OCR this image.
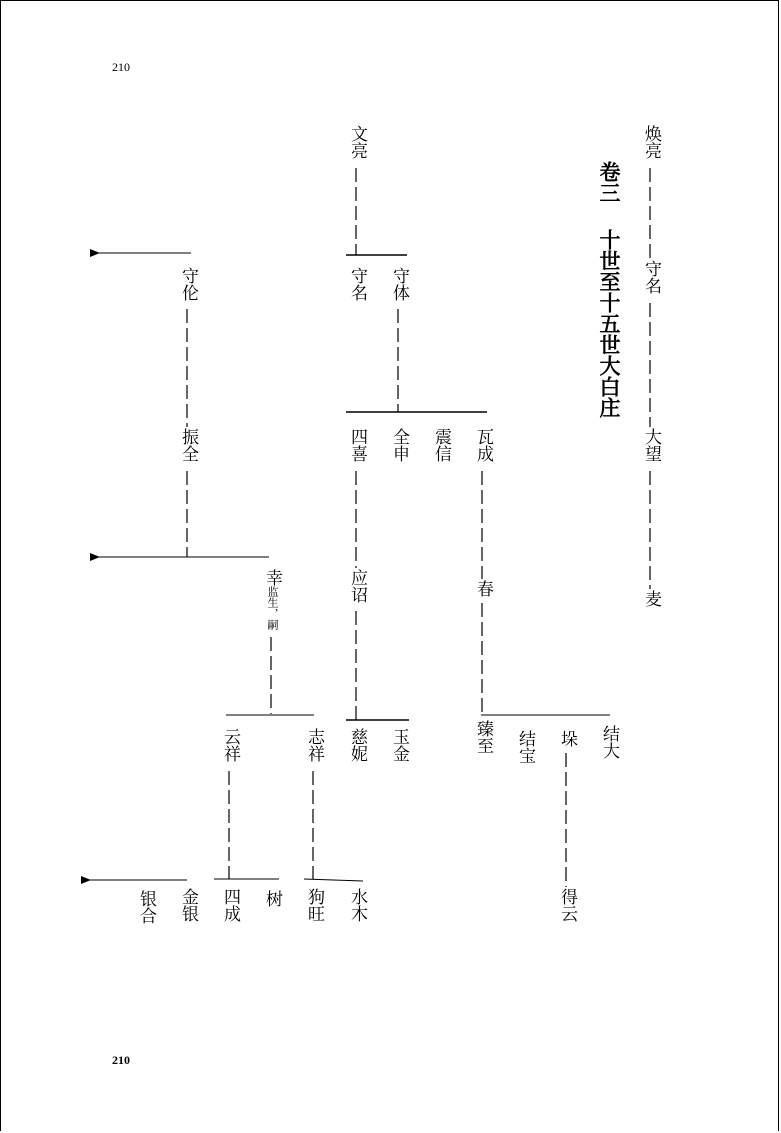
210
210
卷三
十世至十五世大白庄
焕亮
守名
大望
麦
文亮
守名 守体
守伦
振全
幸监生，嗣
四喜 全申 震信 瓦成
应诏	春
云祥	志祥 慈妮 玉金	臻至 结宝 垛 结大
银合 金银 四成 树 狗旺 水木	得云
